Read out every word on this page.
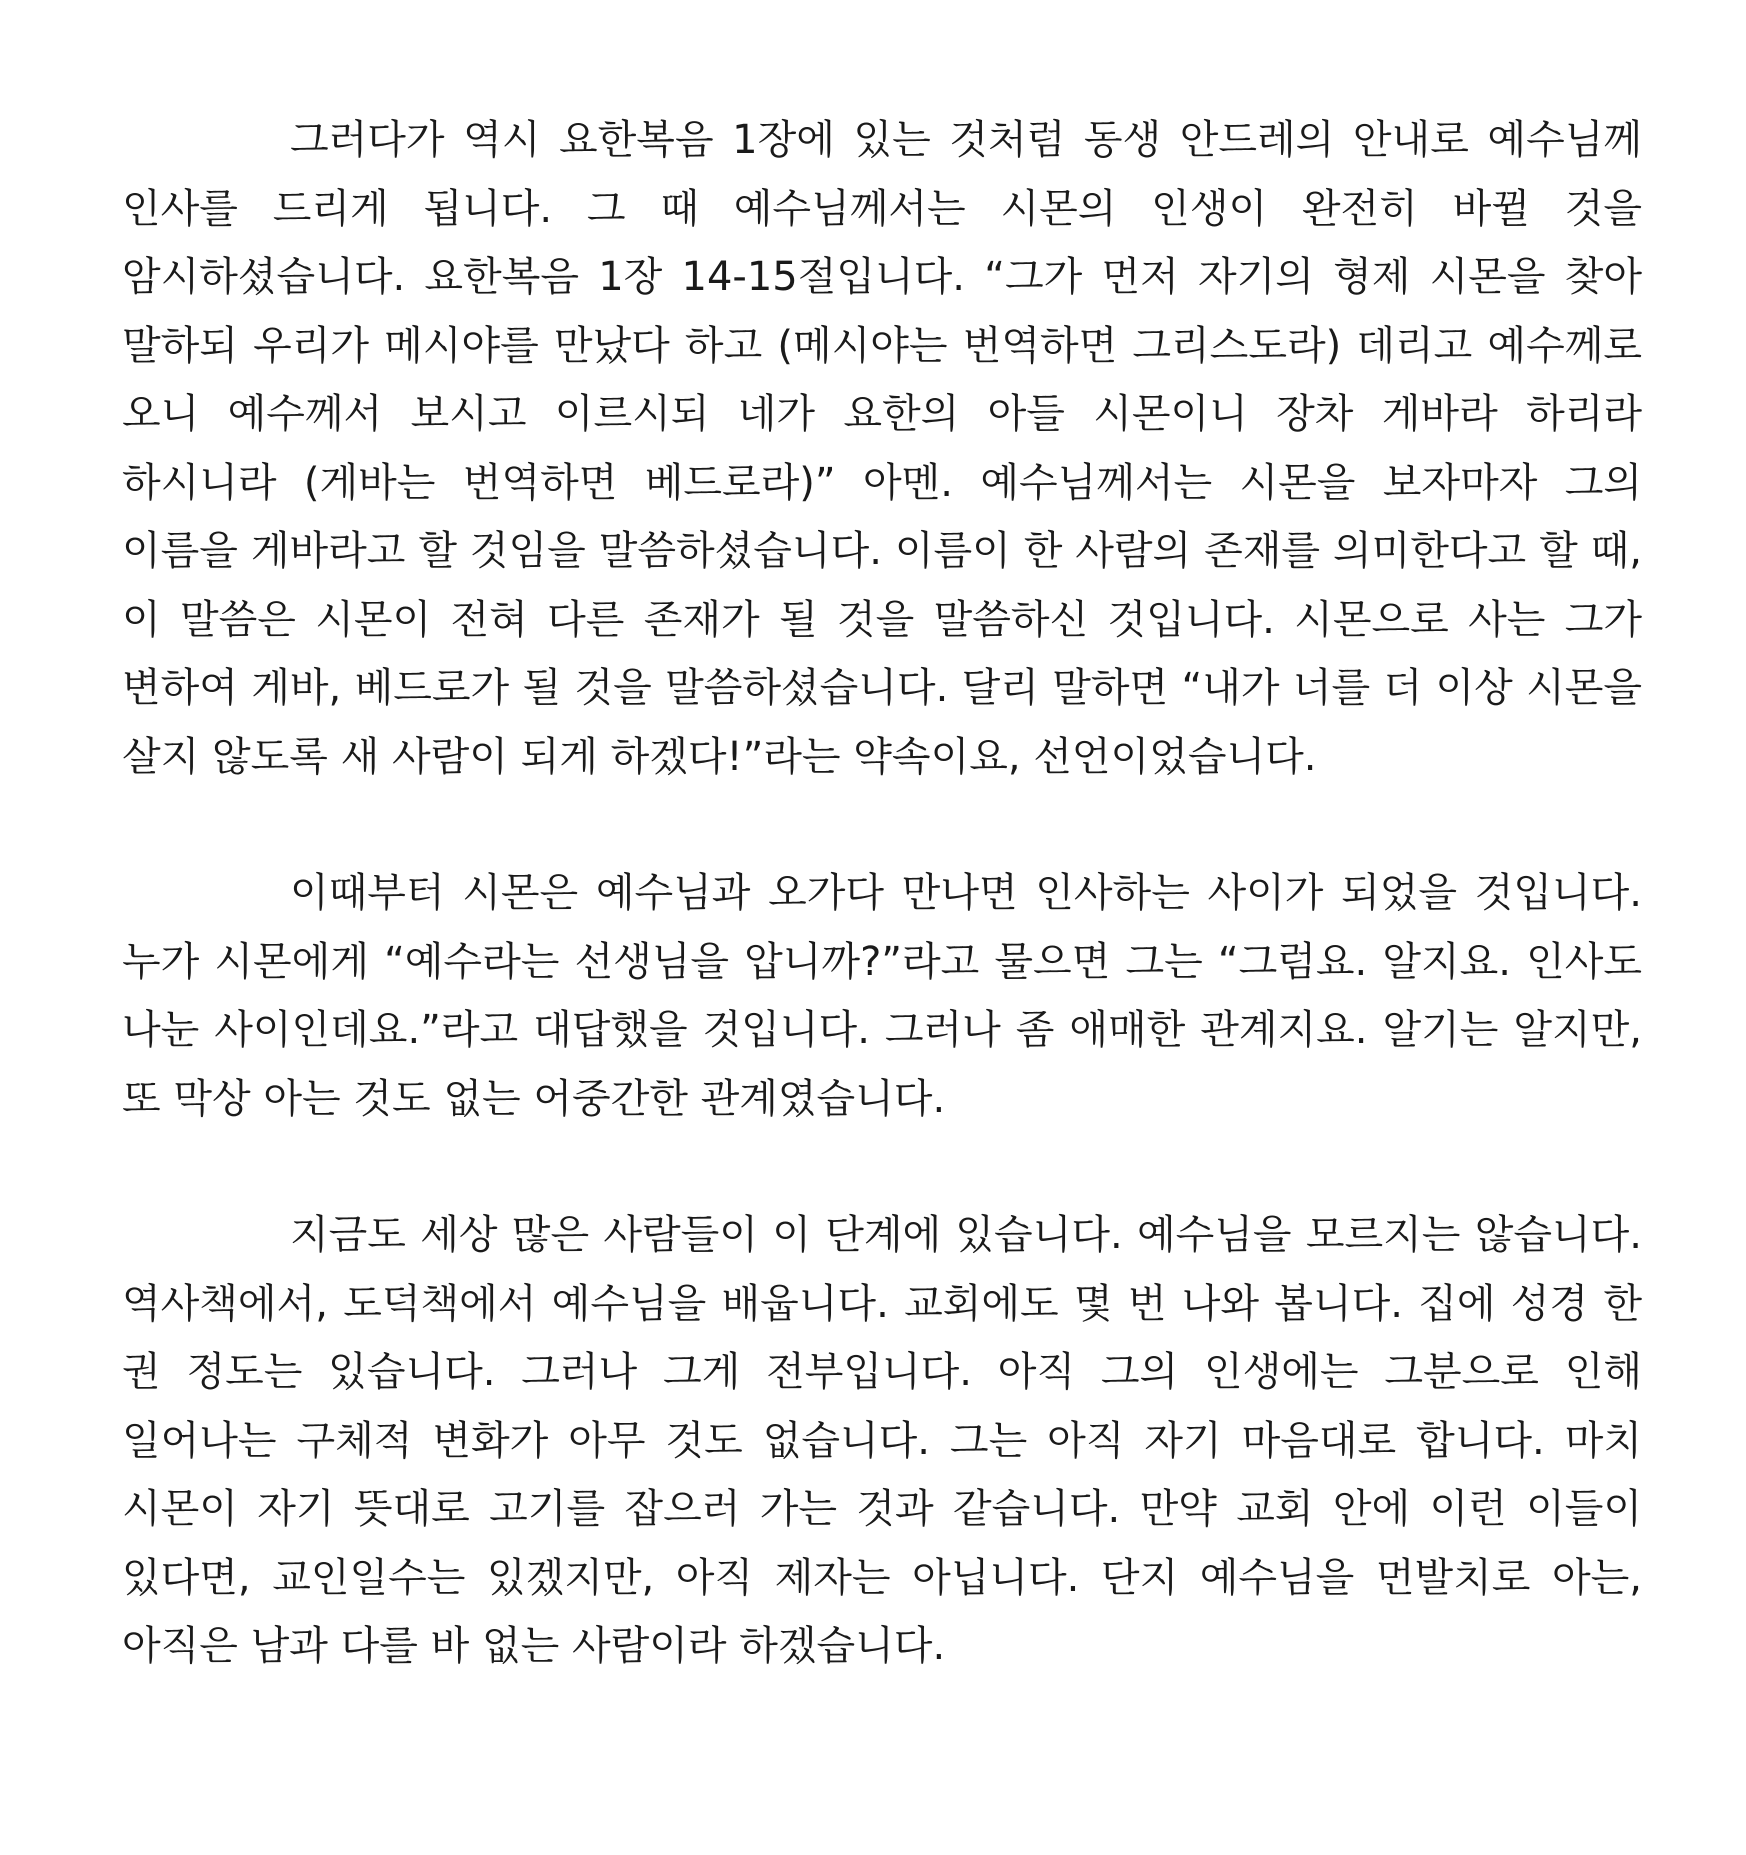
그러다가 역시 요한복음 1장에 있는 것처럼 동생 안드레의 안내로 예수님께 인사를 드리게 됩니다. 그 때 예수님께서는 시몬의 인생이 완전히 바뀔 것을 암시하셨습니다. 요한복음 1장 14-15절입니다. “그가 먼저 자기의 형제 시몬을 찾아 말하되 우리가 메시야를 만났다 하고 (메시야는 번역하면 그리스도라) 데리고 예수께로 오니 예수께서 보시고 이르시되 네가 요한의 아들 시몬이니 장차 게바라 하리라 하시니라 (게바는 번역하면 베드로라)” 아멘. 예수님께서는 시몬을 보자마자 그의 이름을 게바라고 할 것임을 말씀하셨습니다. 이름이 한 사람의 존재를 의미한다고 할 때, 이 말씀은 시몬이 전혀 다른 존재가 될 것을 말씀하신 것입니다. 시몬으로 사는 그가 변하여 게바, 베드로가 될 것을 말씀하셨습니다. 달리 말하면 “내가 너를 더 이상 시몬을 살지 않도록 새 사람이 되게 하겠다!”라는 약속이요, 선언이었습니다.

이때부터 시몬은 예수님과 오가다 만나면 인사하는 사이가 되었을 것입니다. 누가 시몬에게 “예수라는 선생님을 압니까?”라고 물으면 그는 “그럼요. 알지요. 인사도 나눈 사이인데요.”라고 대답했을 것입니다. 그러나 좀 애매한 관계지요. 알기는 알지만, 또 막상 아는 것도 없는 어중간한 관계였습니다.

지금도 세상 많은 사람들이 이 단계에 있습니다. 예수님을 모르지는 않습니다. 역사책에서, 도덕책에서 예수님을 배웁니다. 교회에도 몇 번 나와 봅니다. 집에 성경 한 권 정도는 있습니다. 그러나 그게 전부입니다. 아직 그의 인생에는 그분으로 인해 일어나는 구체적 변화가 아무 것도 없습니다. 그는 아직 자기 마음대로 합니다. 마치 시몬이 자기 뜻대로 고기를 잡으러 가는 것과 같습니다. 만약 교회 안에 이런 이들이 있다면, 교인일수는 있겠지만, 아직 제자는 아닙니다. 단지 예수님을 먼발치로 아는, 아직은 남과 다를 바 없는 사람이라 하겠습니다.
